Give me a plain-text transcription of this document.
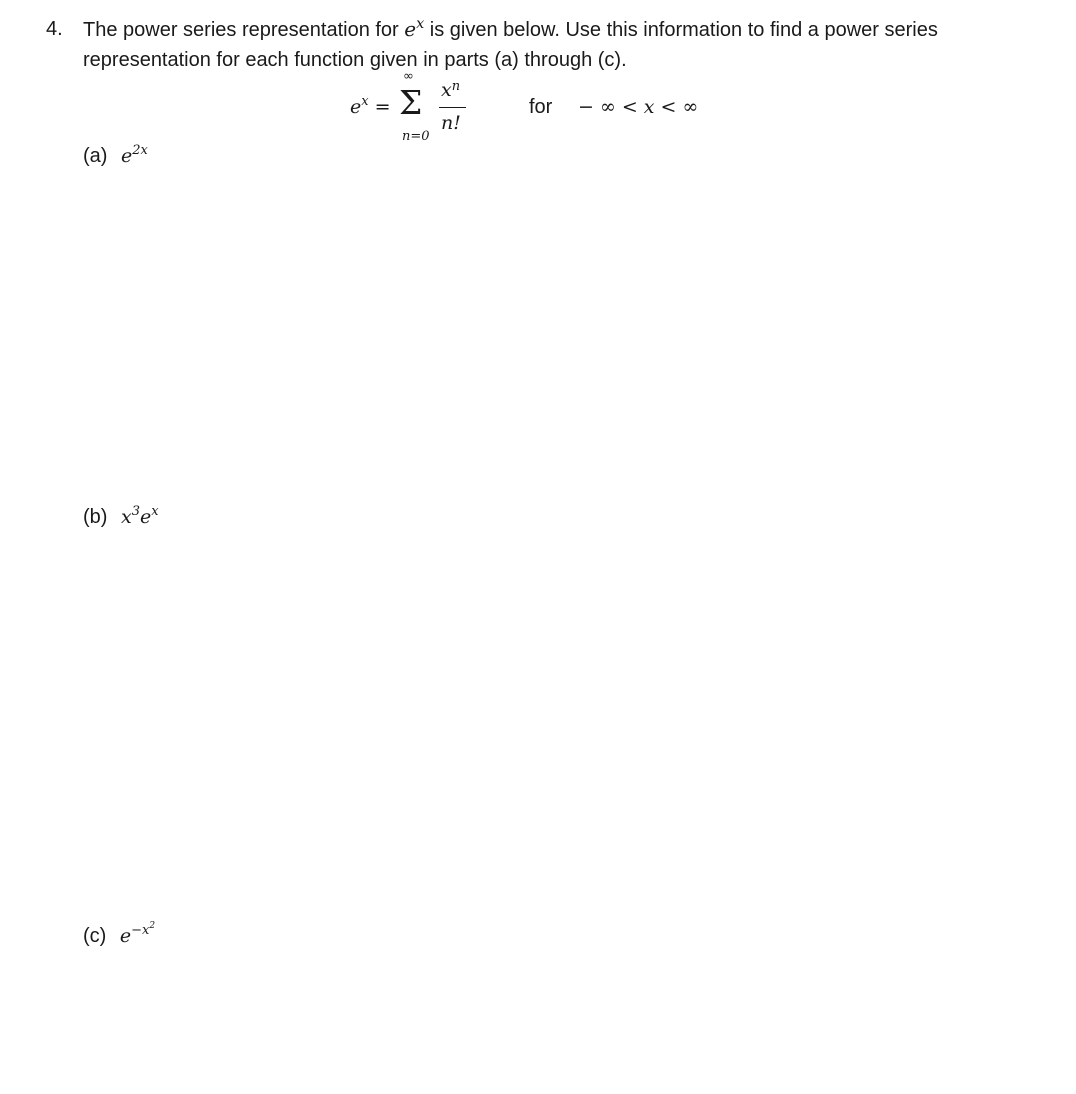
4. The power series representation for $e^x$ is given below. Use this information to find a power series
representation for each function given in parts (a) through (c).
$e^x$ =
∞
Σ
n=0
$x^n$
n!
for − ∞ < x < ∞
(a) $e^{2x}$
(b) $x^3e^x$
(c) $e^{-x^2}$
